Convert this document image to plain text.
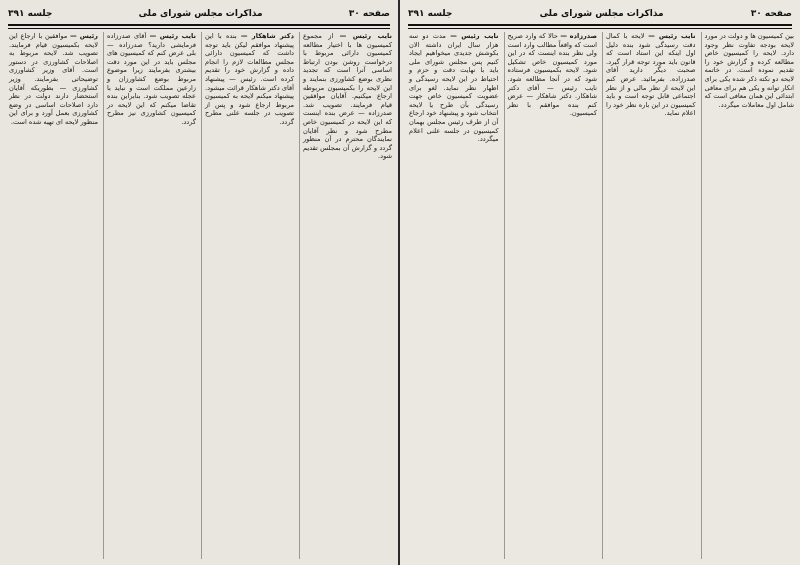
صفحه ۳۰
مذاکرات مجلس شورای ملی
جلسه ۳۹۱

نایب رئیس — از مجموع کمیسیون ها با اختیار مطالعه کمیسیون دارائی مربوط با درخواست روشن بودن ارتباط اساسی آنرا است که تجدید نظری بوضع کشاورزی بنمایند و این لایحه را بکمیسیون مربوطه ارجاع میکنیم. آقایان موافقین قیام فرمایند. تصویب شد. صدرزاده — عرض بنده اینست که این لایحه در کمیسیون خاص مطرح شود و نظر آقایان نمایندگان محترم در آن منظور گردد و گزارش آن بمجلس تقدیم شود.

دکتر شاهکار — بنده با این پیشنهاد موافقم لیکن باید توجه داشت که کمیسیون دارائی مجلس مطالعات لازم را انجام داده و گزارش خود را تقدیم کرده است. رئیس — پیشنهاد آقای دکتر شاهکار قرائت میشود. پیشنهاد میکنم لایحه به کمیسیون مربوط ارجاع شود و پس از تصویب در جلسه علنی مطرح گردد.

نایب رئیس — آقای صدرزاده فرمایشی دارید؟ صدرزاده — بلی عرض کنم که کمیسیون های مجلس باید در این مورد دقت بیشتری بفرمایند زیرا موضوع مربوط بوضع کشاورزان و زارعین مملکت است و نباید با عجله تصویب شود. بنابراین بنده تقاضا میکنم که این لایحه در کمیسیون کشاورزی نیز مطرح گردد.

رئیس — موافقین با ارجاع این لایحه بکمیسیون قیام فرمایند. تصویب شد. لایحه مربوط به اصلاحات کشاورزی در دستور است. آقای وزیر کشاورزی توضیحاتی بفرمایند. وزیر کشاورزی — بطوریکه آقایان استحضار دارند دولت در نظر دارد اصلاحات اساسی در وضع کشاورزی بعمل آورد و برای این منظور لایحه ای تهیه شده است.

صفحه ۳۰
مذاکرات مجلس شورای ملی
جلسه ۳۹۱

بین کمیسیون ها و دولت در مورد لایحه بودجه تفاوت نظر وجود دارد. لایحه را کمیسیون خاص مطالعه کرده و گزارش خود را تقدیم نموده است. در خاتمه لایحه دو نکته ذکر شده یکی برای انکار توانه و یکی هم برای معافی ابتدائی این همان معافی است که شامل اول معاملات میگردد.

نایب رئیس — لایحه با کمال دقت رسیدگی شود بنده دلیل اول اینکه این استاد است که قانون باید مورد توجه قرار گیرد. صحبت دیگر دارید آقای صدرزاده. بفرمائید. عرض کنم این لایحه از نظر مالی و از نظر اجتماعی قابل توجه است و باید کمیسیون در این باره نظر خود را اعلام نماید.

صدرزاده — حالا که وارد صریح است که واقعاً مطالب وارد است ولی نظر بنده اینست که در این مورد کمیسیون خاص تشکیل شود. لایحه بکمیسیون فرستاده شود که در آنجا مطالعه شود. نایب رئیس — آقای دکتر شاهکار. دکتر شاهکار — عرض کنم بنده موافقم با نظر کمیسیون.

نایب رئیس — مدت دو سه هزار سال ایران داشته الان بکوشش جدیدی میخواهیم ایجاد کنیم پس مجلس شورای ملی باید با نهایت دقت و حزم و احتیاط در این لایحه رسیدگی و اظهار نظر نماید. لغو برای عضویت کمیسیون خاص جهت رسیدگی بآن طرح یا لایحه انتخاب شود و پیشنهاد خود ارجاع آن از طرف رئیس مجلس بهمان کمیسیون در جلسه علنی اعلام میگردد.
